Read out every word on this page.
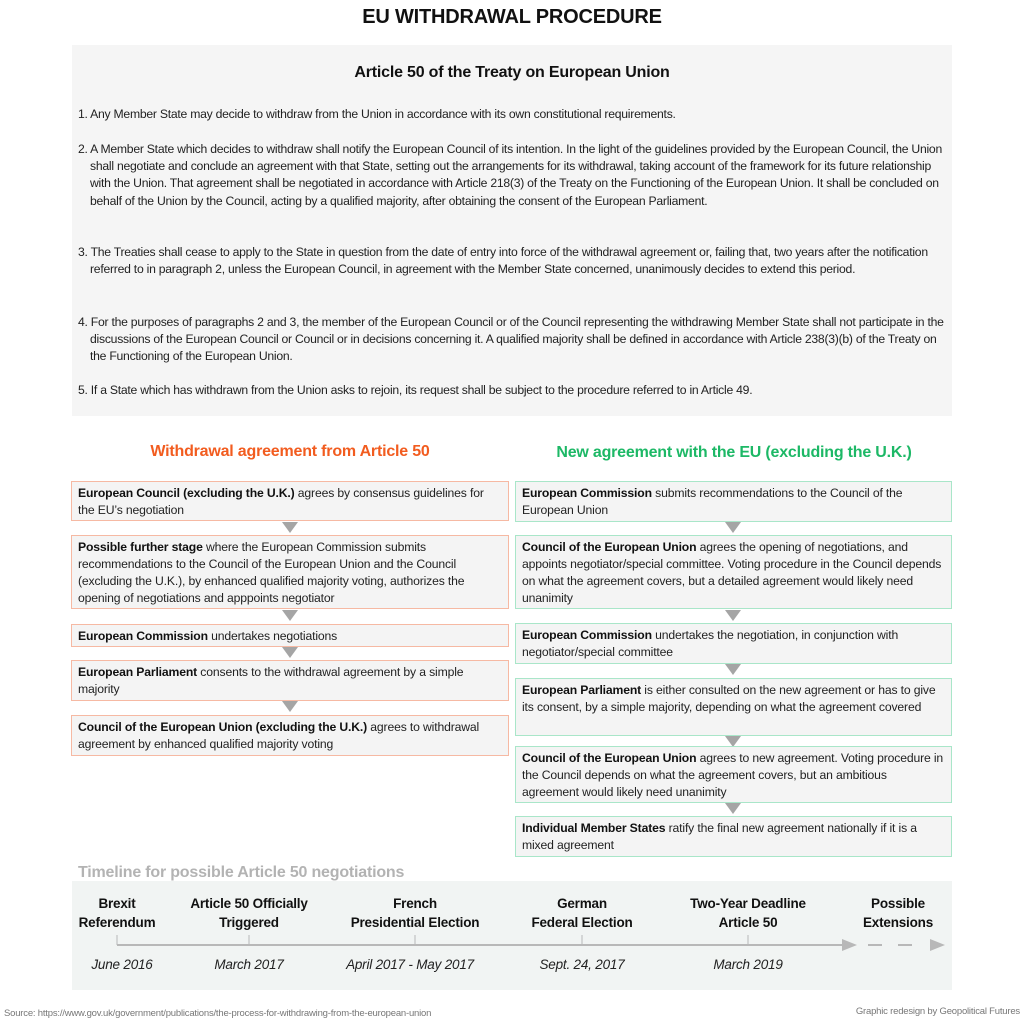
EU WITHDRAWAL PROCEDURE
Article 50 of the Treaty on European Union
1. Any Member State may decide to withdraw from the Union in accordance with its own constitutional requirements.
2. A Member State which decides to withdraw shall notify the European Council of its intention. In the light of the guidelines provided by the European Council, the Union shall negotiate and conclude an agreement with that State, setting out the arrangements for its withdrawal, taking account of the framework for its future relationship with the Union. That agreement shall be negotiated in accordance with Article 218(3) of the Treaty on the Functioning of the European Union. It shall be concluded on behalf of the Union by the Council, acting by a qualified majority, after obtaining the consent of the European Parliament.
3. The Treaties shall cease to apply to the State in question from the date of entry into force of the withdrawal agreement or, failing that, two years after the notification referred to in paragraph 2, unless the European Council, in agreement with the Member State concerned, unanimously decides to extend this period.
4. For the purposes of paragraphs 2 and 3, the member of the European Council or of the Council representing the withdrawing Member State shall not participate in the discussions of the European Council or Council or in decisions concerning it. A qualified majority shall be defined in accordance with Article 238(3)(b) of the Treaty on the Functioning of the European Union.
5. If a State which has withdrawn from the Union asks to rejoin, its request shall be subject to the procedure referred to in Article 49.
Withdrawal agreement from Article 50	New agreement with the EU (excluding the U.K.)
European Council (excluding the U.K.) agrees by consensus guidelines for the EU’s negotiation
Possible further stage where the European Commission submits recommendations to the Council of the European Union and the Council (excluding the U.K.), by enhanced qualified majority voting, authorizes the opening of negotiations and apppoints negotiator
European Commission undertakes negotiations
European Parliament consents to the withdrawal agreement by a simple majority
Council of the European Union (excluding the U.K.) agrees to withdrawal agreement by enhanced qualified majority voting
European Commission submits recommendations to the Council of the European Union
Council of the European Union agrees the opening of negotiations, and appoints negotiator/special committee. Voting procedure in the Council depends on what the agreement covers, but a detailed agreement would likely need unanimity
European Commission undertakes the negotiation, in conjunction with negotiator/special committee
European Parliament is either consulted on the new agreement or has to give its consent, by a simple majority, depending on what the agreement covered
Council of the European Union agrees to new agreement. Voting procedure in the Council depends on what the agreement covers, but an ambitious agreement would likely need unanimity
Individual Member States ratify the final new agreement nationally if it is a mixed agreement
Timeline for possible Article 50 negotiations
Brexit
Referendum
Article 50 Officially
Triggered
French
Presidential Election
German
Federal Election
Two-Year Deadline
Article 50
Possible
Extensions
June 2016	March 2017	April 2017 - May 2017	Sept. 24, 2017	March 2019
Source: https://www.gov.uk/government/publications/the-process-for-withdrawing-from-the-european-union	Graphic redesign by Geopolitical Futures
